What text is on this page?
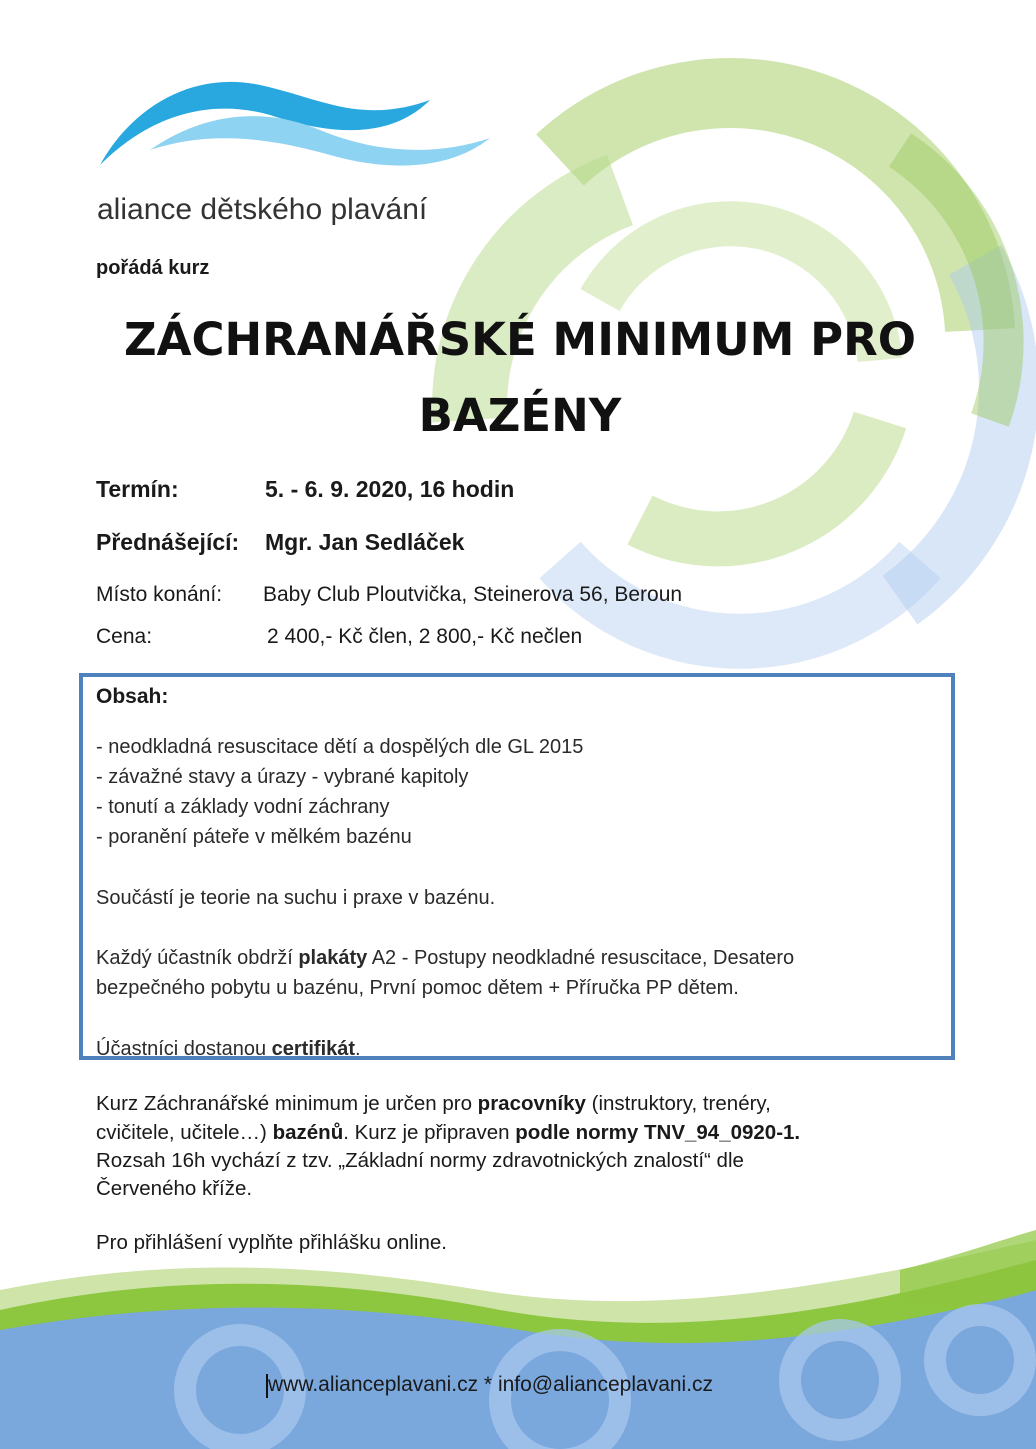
aliance dětského plavání
pořádá kurz
ZÁCHRANÁŘSKÉ MINIMUM PRO
BAZÉNY
Termín:	5. - 6. 9. 2020, 16 hodin
Přednášející: Mgr. Jan Sedláček
Místo konání: Baby Club Ploutvička, Steinerova 56, Beroun
Cena:	2 400,- Kč člen, 2 800,- Kč nečlen
Obsah:
- neodkladná resuscitace dětí a dospělých dle GL 2015
- závažné stavy a úrazy - vybrané kapitoly
- tonutí a základy vodní záchrany
- poranění páteře v mělkém bazénu
Součástí je teorie na suchu i praxe v bazénu.
Každý účastník obdrží plakáty A2 - Postupy neodkladné resuscitace, Desatero
bezpečného pobytu u bazénu, První pomoc dětem + Příručka PP dětem.
Účastníci dostanou certifikát.
Kurz Záchranářské minimum je určen pro pracovníky (instruktory, trenéry,
cvičitele, učitele…) bazénů. Kurz je připraven podle normy TNV_94_0920-1.
Rozsah 16h vychází z tzv. „Základní normy zdravotnických znalostí“ dle
Červeného kříže.
Pro přihlášení vyplňte přihlášku online.
www.alianceplavani.cz * info@alianceplavani.cz
